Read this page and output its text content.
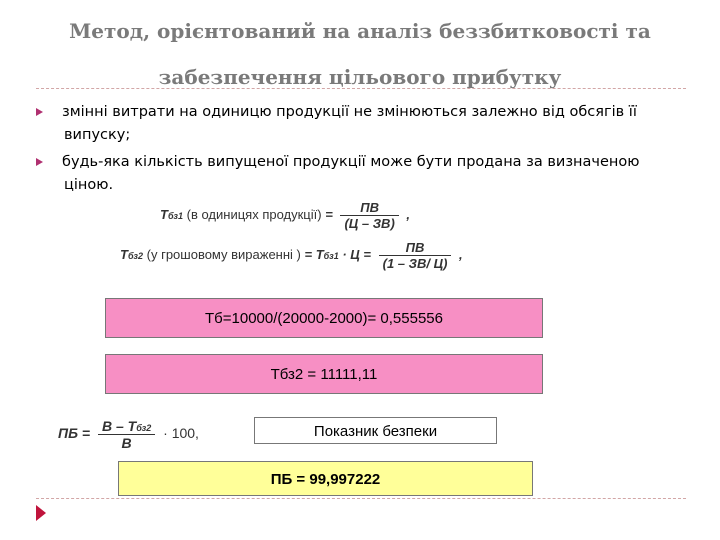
Метод, орієнтований на аналіз беззбитковості та
забезпечення цільового прибутку
змінні витрати на одиницю продукції не змінюються залежно від обсягів її випуску;
будь-яка кількість випущеної продукції може бути продана за визначеною ціною.
Тбз1 (в одиницях продукції) = $\frac{ПВ}{(Ц - ЗВ)}$ ,
Тбз2 (у грошовому вираженні ) = $Тбз1 \cdot Ц = \frac{ПВ}{(1 - ЗВ/ Ц)}$ ,
Тб=10000/(20000-2000)= 0,555556
Тбз2 = 11111,11
ПБ = $\frac{\text{В – Тбз2}}{В} \cdot 100$,	Показник безпеки
ПБ = 99,997222
